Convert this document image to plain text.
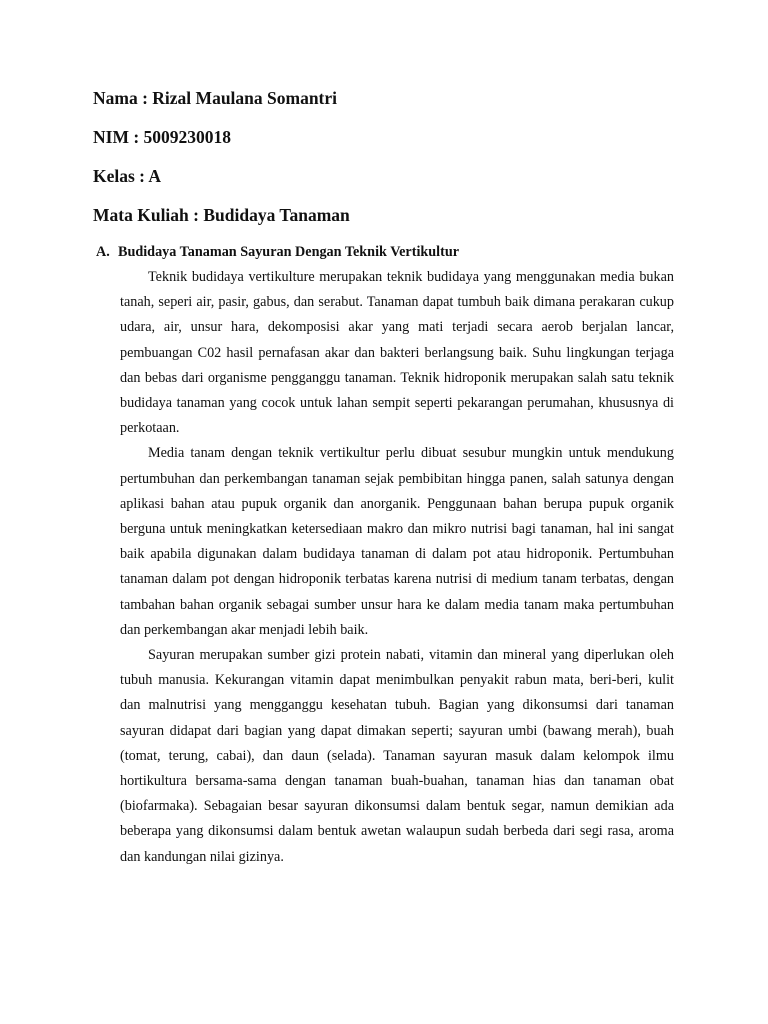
Nama : Rizal Maulana Somantri

NIM : 5009230018

Kelas : A

Mata Kuliah : Budidaya Tanaman

A. Budidaya Tanaman Sayuran Dengan Teknik Vertikultur

Teknik budidaya vertikulture merupakan teknik budidaya yang menggunakan media bukan tanah, seperi air, pasir, gabus, dan serabut. Tanaman dapat tumbuh baik dimana perakaran cukup udara, air, unsur hara, dekomposisi akar yang mati terjadi secara aerob berjalan lancar, pembuangan C02 hasil pernafasan akar dan bakteri berlangsung baik. Suhu lingkungan terjaga dan bebas dari organisme pengganggu tanaman. Teknik hidroponik merupakan salah satu teknik budidaya tanaman yang cocok untuk lahan sempit seperti pekarangan perumahan, khususnya di perkotaan.

Media tanam dengan teknik vertikultur perlu dibuat sesubur mungkin untuk mendukung pertumbuhan dan perkembangan tanaman sejak pembibitan hingga panen, salah satunya dengan aplikasi bahan atau pupuk organik dan anorganik. Penggunaan bahan berupa pupuk organik berguna untuk meningkatkan ketersediaan makro dan mikro nutrisi bagi tanaman, hal ini sangat baik apabila digunakan dalam budidaya tanaman di dalam pot atau hidroponik. Pertumbuhan tanaman dalam pot dengan hidroponik terbatas karena nutrisi di medium tanam terbatas, dengan tambahan bahan organik sebagai sumber unsur hara ke dalam media tanam maka pertumbuhan dan perkembangan akar menjadi lebih baik.

Sayuran merupakan sumber gizi protein nabati, vitamin dan mineral yang diperlukan oleh tubuh manusia. Kekurangan vitamin dapat menimbulkan penyakit rabun mata, beri-beri, kulit dan malnutrisi yang mengganggu kesehatan tubuh. Bagian yang dikonsumsi dari tanaman sayuran didapat dari bagian yang dapat dimakan seperti; sayuran umbi (bawang merah), buah (tomat, terung, cabai), dan daun (selada). Tanaman sayuran masuk dalam kelompok ilmu hortikultura bersama-sama dengan tanaman buah-buahan, tanaman hias dan tanaman obat (biofarmaka). Sebagaian besar sayuran dikonsumsi dalam bentuk segar, namun demikian ada beberapa yang dikonsumsi dalam bentuk awetan walaupun sudah berbeda dari segi rasa, aroma dan kandungan nilai gizinya.
